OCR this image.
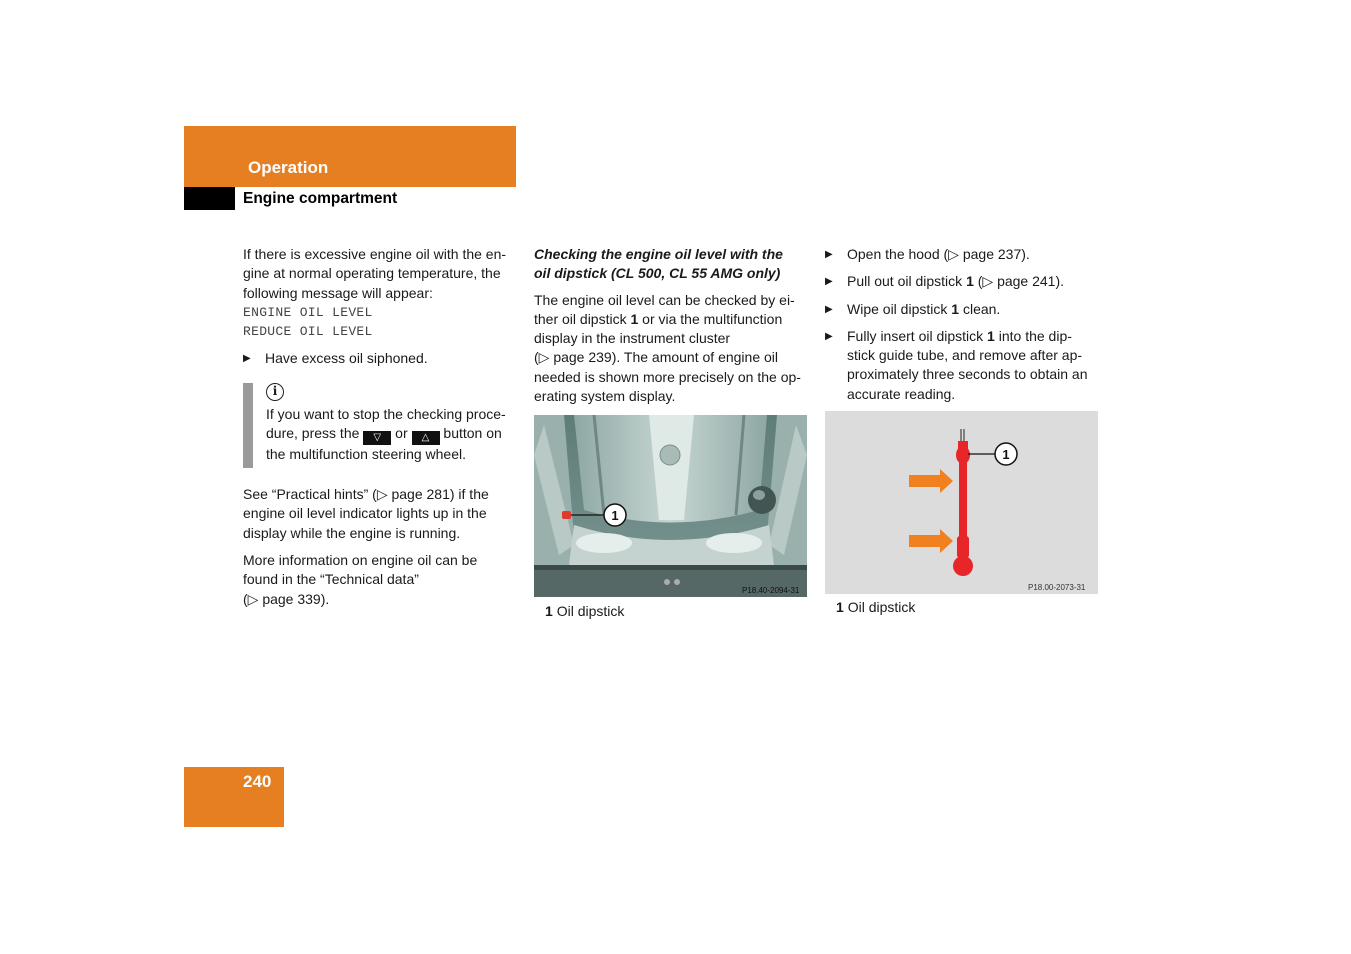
Operation
Engine compartment
If there is excessive engine oil with the en-
gine at normal operating temperature, the
following message will appear:
ENGINE OIL LEVEL
REDUCE OIL LEVEL
▶ Have excess oil siphoned.
i
If you want to stop the checking proce-
dure, press the ▽ or △ button on
the multifunction steering wheel.
See “Practical hints” (▷ page 281) if the
engine oil level indicator lights up in the
display while the engine is running.
More information on engine oil can be
found in the “Technical data”
(▷ page 339).
Checking the engine oil level with the
oil dipstick (CL 500, CL 55 AMG only)
The engine oil level can be checked by ei-
ther oil dipstick 1 or via the multifunction
display in the instrument cluster
(▷ page 239). The amount of engine oil
needed is shown more precisely on the op-
erating system display.
1
P18.40-2094-31
1 Oil dipstick
▶ Open the hood (▷ page 237).
▶ Pull out oil dipstick 1 (▷ page 241).
▶ Wipe oil dipstick 1 clean.
▶ Fully insert oil dipstick 1 into the dip-
stick guide tube, and remove after ap-
proximately three seconds to obtain an
accurate reading.
1
P18.00-2073-31
1 Oil dipstick
240
